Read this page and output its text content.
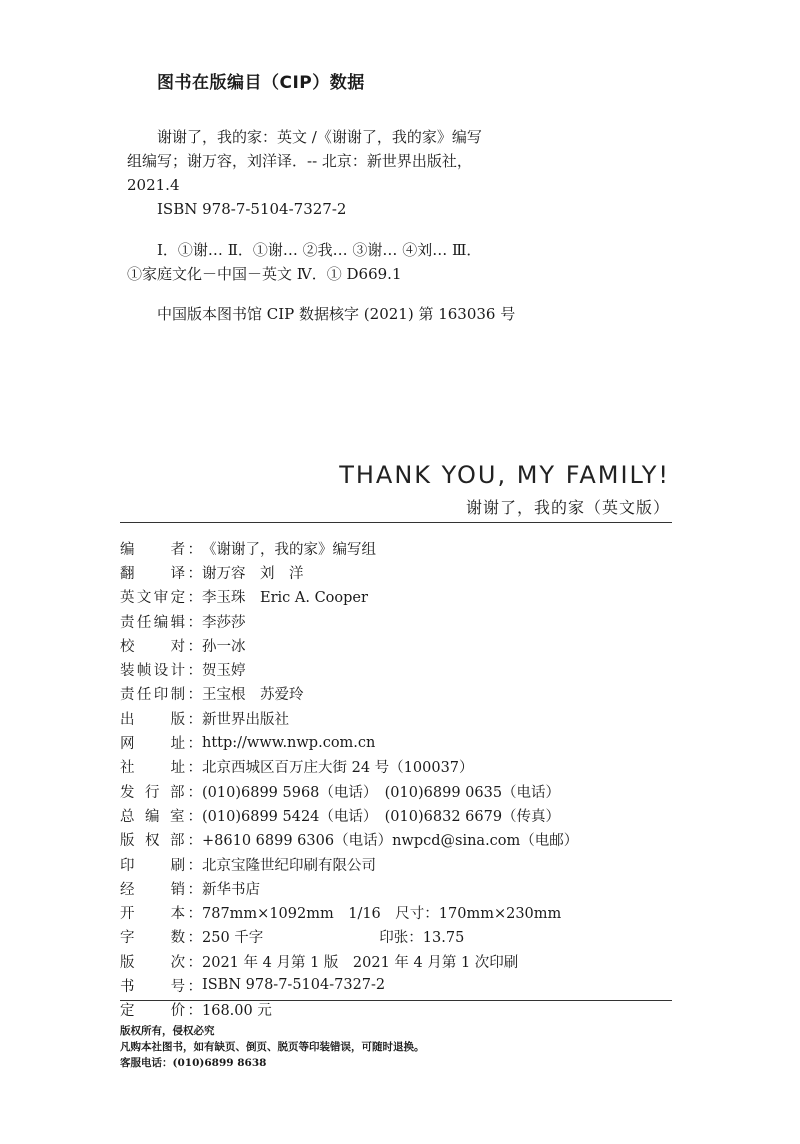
图书在版编目（CIP）数据
谢谢了，我的家：英文 /《谢谢了，我的家》编写
组编写；谢万容，刘洋译．-- 北京：新世界出版社，
2021.4
ISBN 978-7-5104-7327-2
Ⅰ．①谢… Ⅱ．①谢… ②我… ③谢… ④刘… Ⅲ．
①家庭文化－中国－英文 Ⅳ．① D669.1
中国版本图书馆 CIP 数据核字 (2021) 第 163036 号
THANK YOU, MY FAMILY!
谢谢了，我的家（英文版）
编　　者： 《谢谢了，我的家》编写组
翻　　译： 谢万容　刘　洋
英文审定： 李玉珠　Eric A. Cooper
责任编辑： 李莎莎
校　　对： 孙一冰
装帧设计： 贺玉婷
责任印制： 王宝根　苏爱玲
出　　版： 新世界出版社
网　　址： http://www.nwp.com.cn
社　　址： 北京西城区百万庄大街 24 号（100037）
发 行 部： (010)6899 5968（电话）　(010)6899 0635（电话）
总 编 室： (010)6899 5424（电话）　(010)6832 6679（传真）
版 权 部： +8610 6899 6306（电话）nwpcd@sina.com（电邮）
印　　刷： 北京宝隆世纪印刷有限公司
经　　销： 新华书店
开　　本： 787mm×1092mm　1/16　尺寸：170mm×230mm
字　　数： 250 千字　　　　　　　　印张：13.75
版　　次： 2021 年 4 月第 1 版　2021 年 4 月第 1 次印刷
书　　号： ISBN 978-7-5104-7327-2
定　　价： 168.00 元
版权所有，侵权必究
凡购本社图书，如有缺页、倒页、脱页等印装错误，可随时退换。
客服电话：(010)6899 8638
